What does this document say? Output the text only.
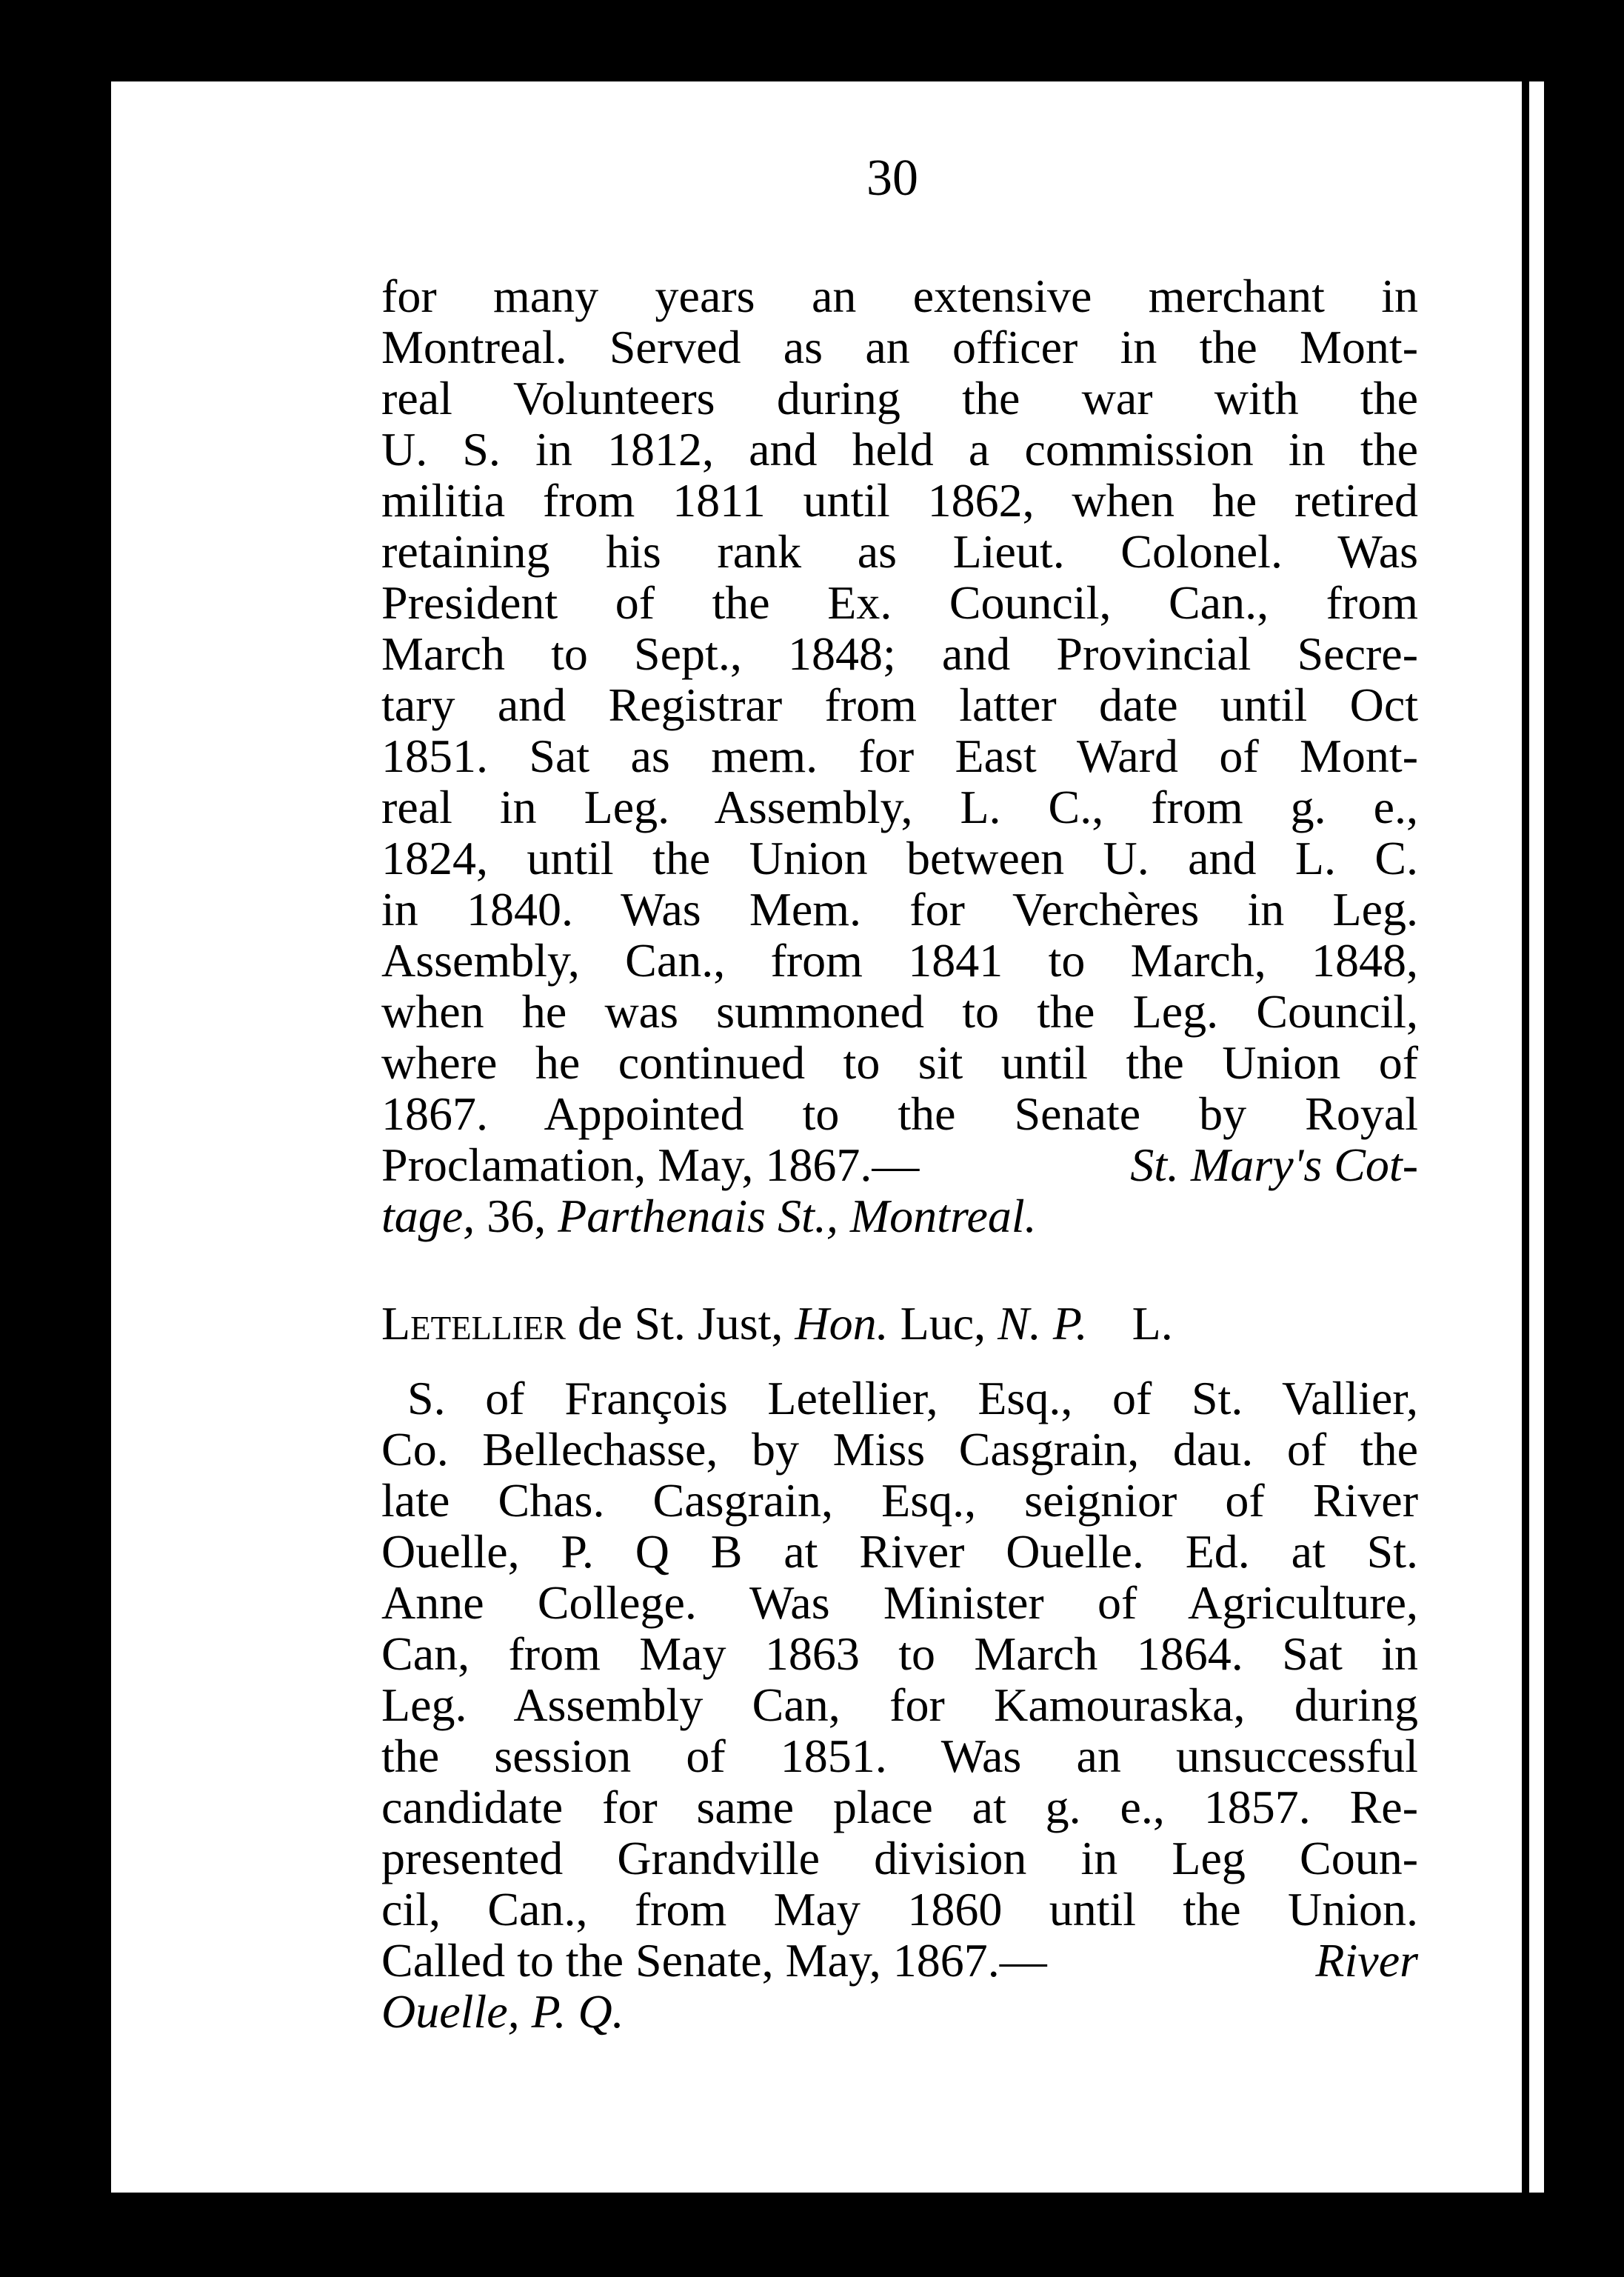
30
for many years an extensive merchant in
Montreal. Served as an officer in the Mont-
real Volunteers during the war with the
U. S. in 1812, and held a commission in the
militia from 1811 until 1862, when he retired
retaining his rank as Lieut. Colonel. Was
President of the Ex. Council, Can., from
March to Sept., 1848; and Provincial Secre-
tary and Registrar from latter date until Oct
1851. Sat as mem. for East Ward of Mont-
real in Leg. Assembly, L. C., from g. e.,
1824, until the Union between U. and L. C.
in 1840. Was Mem. for Verchères in Leg.
Assembly, Can., from 1841 to March, 1848,
when he was summoned to the Leg. Council,
where he continued to sit until the Union of
1867. Appointed to the Senate by Royal
Proclamation, May, 1867.—	St. Mary's Cot-
tage, 36, Parthenais St., Montreal.
Letellier de St. Just, Hon. Luc, N. P. L.
S. of François Letellier, Esq., of St. Vallier,
Co. Bellechasse, by Miss Casgrain, dau. of the
late Chas. Casgrain, Esq., seignior of River
Ouelle, P. Q B at River Ouelle. Ed. at St.
Anne College. Was Minister of Agriculture,
Can, from May 1863 to March 1864. Sat in
Leg. Assembly Can, for Kamouraska, during
the session of 1851. Was an unsuccessful
candidate for same place at g. e., 1857. Re-
presented Grandville division in Leg Coun-
cil, Can., from May 1860 until the Union.
Called to the Senate, May, 1867.—	River
Ouelle, P. Q.
